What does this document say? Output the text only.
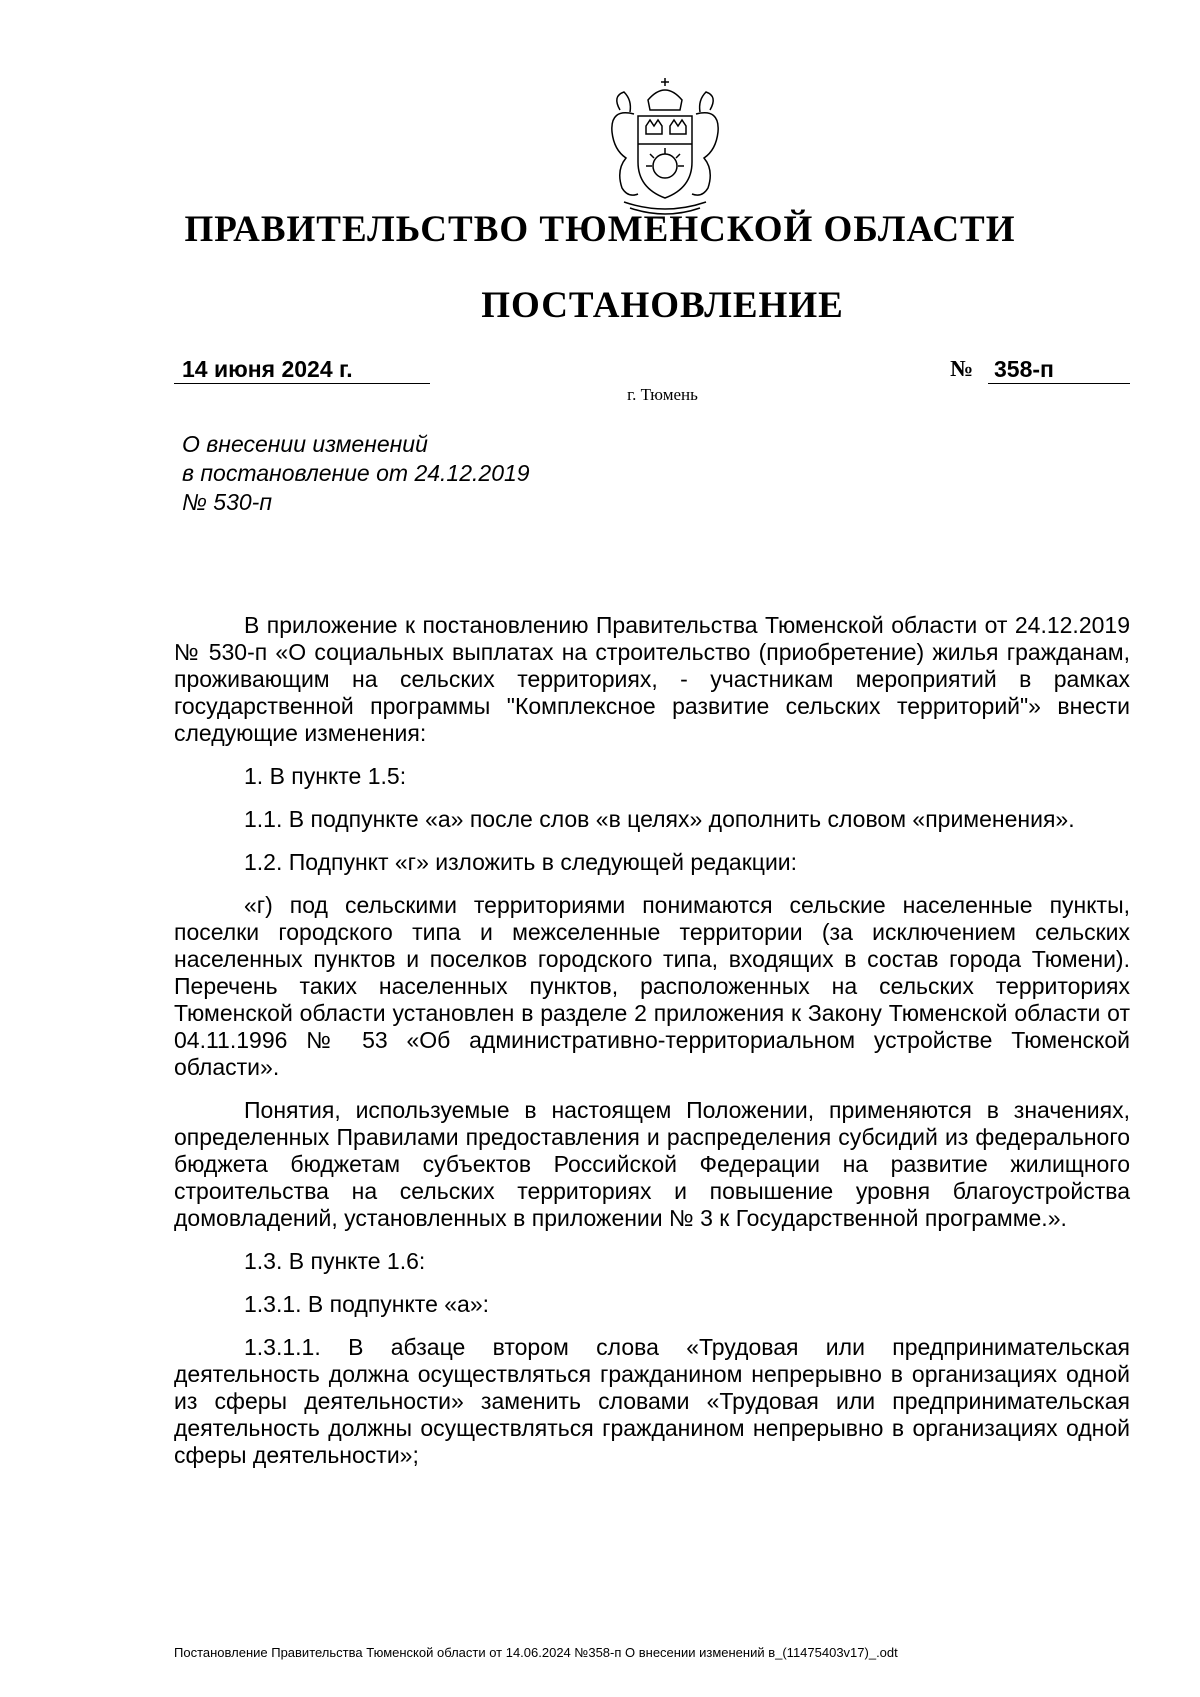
ПРАВИТЕЛЬСТВО ТЮМЕНСКОЙ ОБЛАСТИ
ПОСТАНОВЛЕНИЕ
14 июня 2024 г.	№ 358-п
г. Тюмень
О внесении изменений
в постановление от 24.12.2019
№ 530-п

В приложение к постановлению Правительства Тюменской области от 24.12.2019 № 530-п «О социальных выплатах на строительство (приобретение) жилья гражданам, проживающим на сельских территориях, - участникам мероприятий в рамках государственной программы "Комплексное развитие сельских территорий"» внести следующие изменения:

1. В пункте 1.5:

1.1. В подпункте «а» после слов «в целях» дополнить словом «применения».

1.2. Подпункт «г» изложить в следующей редакции:

«г) под сельскими территориями понимаются сельские населенные пункты, поселки городского типа и межселенные территории (за исключением сельских населенных пунктов и поселков городского типа, входящих в состав города Тюмени). Перечень таких населенных пунктов, расположенных на сельских территориях Тюменской области установлен в разделе 2 приложения к Закону Тюменской области от 04.11.1996 № 53 «Об административно-территориальном устройстве Тюменской области».

Понятия, используемые в настоящем Положении, применяются в значениях, определенных Правилами предоставления и распределения субсидий из федерального бюджета бюджетам субъектов Российской Федерации на развитие жилищного строительства на сельских территориях и повышение уровня благоустройства домовладений, установленных в приложении № 3 к Государственной программе.».

1.3. В пункте 1.6:

1.3.1. В подпункте «а»:

1.3.1.1. В абзаце втором слова «Трудовая или предпринимательская деятельность должна осуществляться гражданином непрерывно в организациях одной из сферы деятельности» заменить словами «Трудовая или предпринимательская деятельность должны осуществляться гражданином непрерывно в организациях одной сферы деятельности»;

Постановление Правительства Тюменской области от 14.06.2024 №358-п О внесении изменений в_(11475403v17)_.odt
